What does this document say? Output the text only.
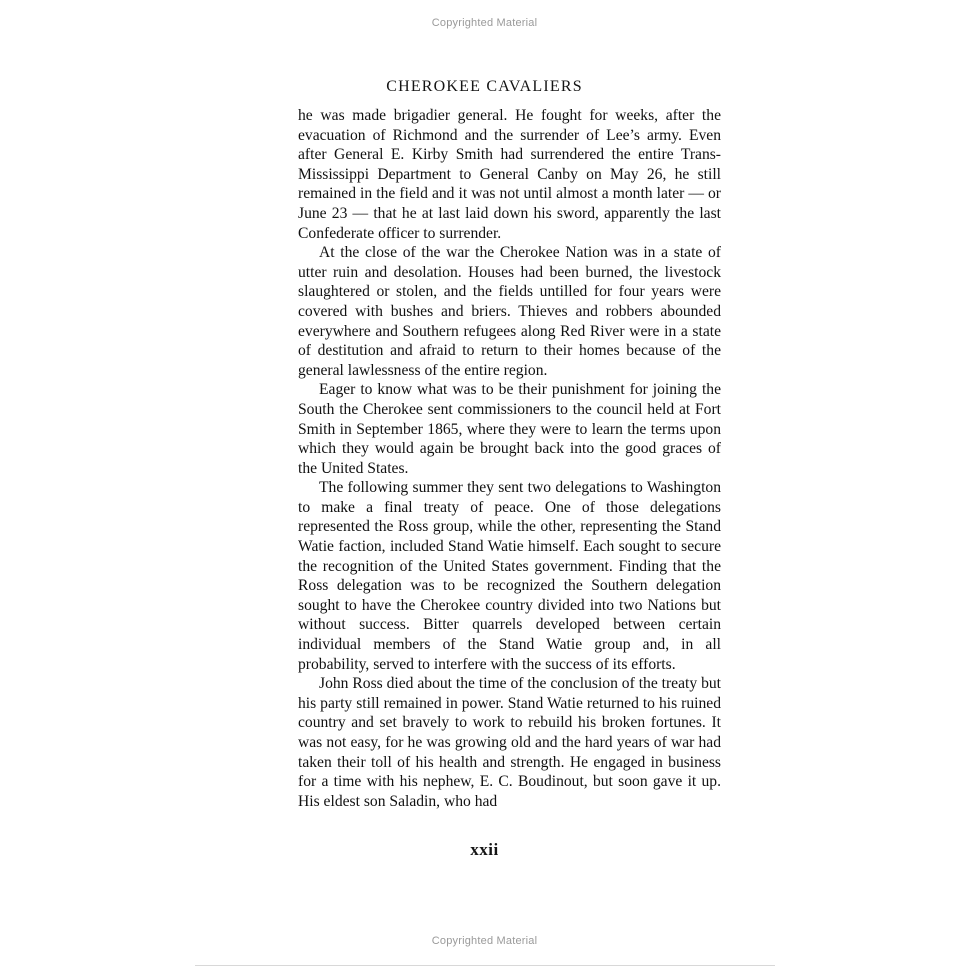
Copyrighted Material
CHEROKEE CAVALIERS

he was made brigadier general. He fought for weeks, after the evacuation of Richmond and the surrender of Lee’s army. Even after General E. Kirby Smith had surrendered the entire Trans-Mississippi Department to General Canby on May 26, he still remained in the field and it was not until almost a month later — or June 23 — that he at last laid down his sword, apparently the last Confederate officer to surrender.

At the close of the war the Cherokee Nation was in a state of utter ruin and desolation. Houses had been burned, the livestock slaughtered or stolen, and the fields untilled for four years were covered with bushes and briers. Thieves and robbers abounded everywhere and Southern refugees along Red River were in a state of destitution and afraid to return to their homes because of the general lawlessness of the entire region.

Eager to know what was to be their punishment for joining the South the Cherokee sent commissioners to the council held at Fort Smith in September 1865, where they were to learn the terms upon which they would again be brought back into the good graces of the United States.

The following summer they sent two delegations to Washington to make a final treaty of peace. One of those delegations represented the Ross group, while the other, representing the Stand Watie faction, included Stand Watie himself. Each sought to secure the recognition of the United States government. Finding that the Ross delegation was to be recognized the Southern delegation sought to have the Cherokee country divided into two Nations but without success. Bitter quarrels developed between certain individual members of the Stand Watie group and, in all probability, served to interfere with the success of its efforts.

John Ross died about the time of the conclusion of the treaty but his party still remained in power. Stand Watie returned to his ruined country and set bravely to work to rebuild his broken fortunes. It was not easy, for he was growing old and the hard years of war had taken their toll of his health and strength. He engaged in business for a time with his nephew, E. C. Boudinout, but soon gave it up. His eldest son Saladin, who had

xxii
Copyrighted Material
